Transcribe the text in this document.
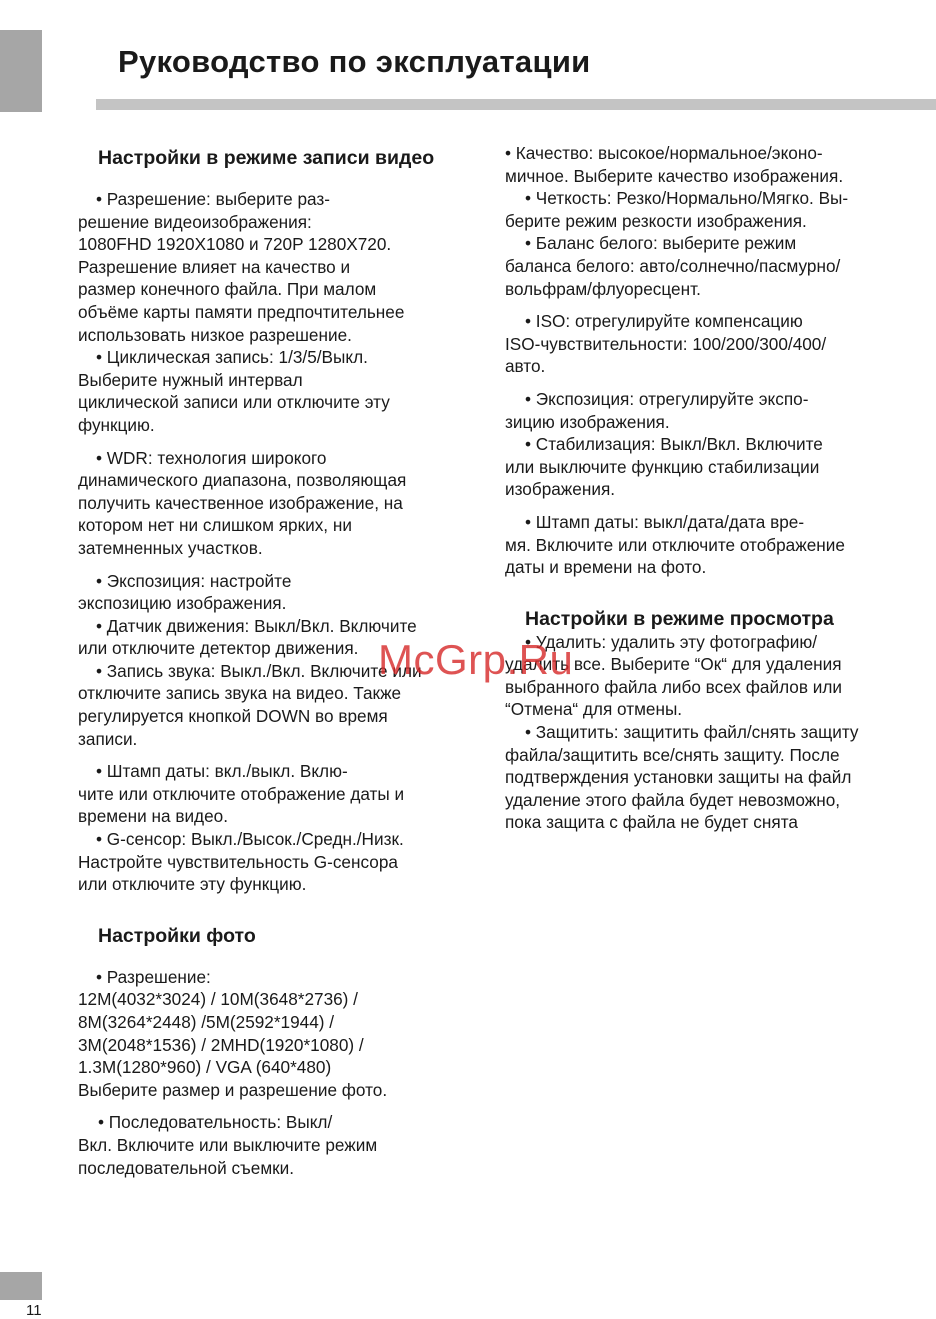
Руководство по эксплуатации
Настройки в режиме записи видео

• Разрешение: выберите раз-
решение видеоизображения:
1080FHD 1920X1080 и 720P 1280X720.
Разрешение влияет на качество и
размер конечного файла. При малом
объёме карты памяти предпочтительнее
использовать низкое разрешение.

• Циклическая запись: 1/3/5/Выкл.
Выберите нужный интервал
циклической записи или отключите эту
функцию.

• WDR: технология широкого
динамического диапазона, позволяющая
получить качественное изображение, на
котором нет ни слишком ярких, ни
затемненных участков.

• Экспозиция: настройте
экспозицию изображения.

• Датчик движения: Выкл/Вкл. Включите
или отключите детектор движения.

• Запись звука: Выкл./Вкл. Включите или
отключите запись звука на видео. Также
регулируется кнопкой DOWN во время
записи.

• Штамп даты: вкл./выкл. Вклю-
чите или отключите отображение даты и
времени на видео.

• G-сенсор: Выкл./Высок./Средн./Низк.
Настройте чувствительность G-сенсора
или отключите эту функцию.

Настройки фото

• Разрешение:
12M(4032*3024) / 10M(3648*2736) /
8M(3264*2448) /5M(2592*1944) /
3M(2048*1536) / 2MHD(1920*1080) /
1.3M(1280*960) / VGA (640*480)
Выберите размер и разрешение фото.

• Последовательность: Выкл/
Вкл. Включите или выключите режим
последовательной съемки.

• Качество: высокое/нормальное/эконо-
мичное. Выберите качество изображения.

• Четкость: Резко/Нормально/Мягко. Вы-
берите режим резкости изображения.

• Баланс белого: выберите режим
баланса белого: авто/солнечно/пасмурно/
вольфрам/флуоресцент.

• ISO: отрегулируйте компенсацию
ISO-чувствительности: 100/200/300/400/
авто.

• Экспозиция: отрегулируйте экспо-
зицию изображения.

• Стабилизация: Выкл/Вкл. Включите
или выключите функцию стабилизации
изображения.

• Штамп даты: выкл/дата/дата вре-
мя. Включите или отключите отображение
даты и времени на фото.

Настройки в режиме просмотра

• Удалить: удалить эту фотографию/
удалить все. Выберите “Ок“ для удаления
выбранного файла либо всех файлов или
“Отмена“ для отмены.

• Защитить: защитить файл/снять защиту
файла/защитить все/снять защиту. После
подтверждения установки защиты на файл
удаление этого файла будет невозможно,
пока защита с файла не будет снята

McGrp.Ru
11
